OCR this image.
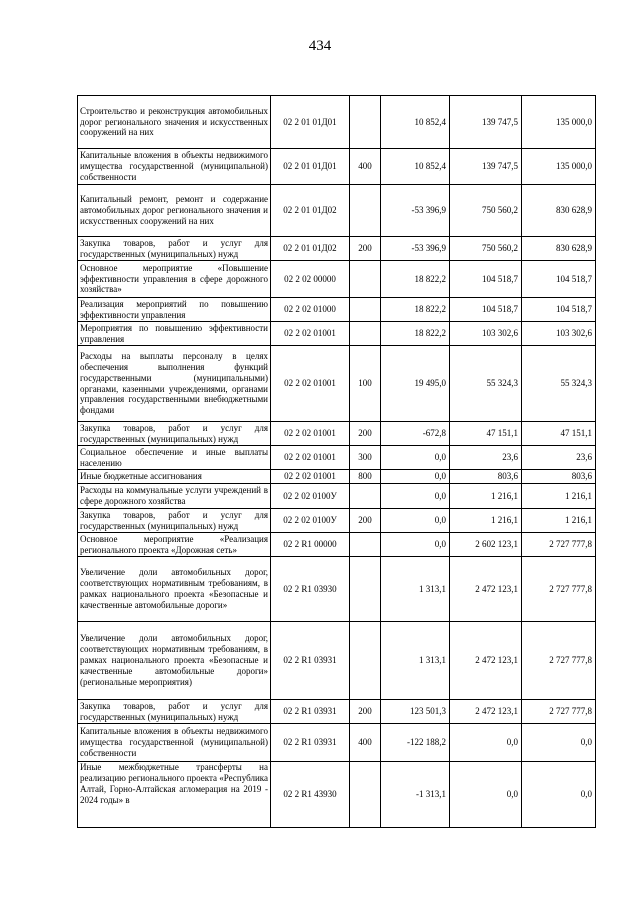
434
Строительство и реконструкция автомобильных дорог регионального значения и искусственных сооружений на них	02 2 01 01Д01		10 852,4	139 747,5	135 000,0
Капитальные вложения в объекты недвижимого имущества государственной (муниципальной) собственности	02 2 01 01Д01	400	10 852,4	139 747,5	135 000,0
Капитальный ремонт, ремонт и содержание автомобильных дорог регионального значения и искусственных сооружений на них	02 2 01 01Д02		-53 396,9	750 560,2	830 628,9
Закупка товаров, работ и услуг для государственных (муниципальных) нужд	02 2 01 01Д02	200	-53 396,9	750 560,2	830 628,9
Основное мероприятие «Повышение эффективности управления в сфере дорожного хозяйства»	02 2 02 00000		18 822,2	104 518,7	104 518,7
Реализация мероприятий по повышению эффективности управления	02 2 02 01000		18 822,2	104 518,7	104 518,7
Мероприятия по повышению эффективности управления	02 2 02 01001		18 822,2	103 302,6	103 302,6
Расходы на выплаты персоналу в целях обеспечения выполнения функций государственными (муниципальными) органами, казенными учреждениями, органами управления государственными внебюджетными фондами	02 2 02 01001	100	19 495,0	55 324,3	55 324,3
Закупка товаров, работ и услуг для государственных (муниципальных) нужд	02 2 02 01001	200	-672,8	47 151,1	47 151,1
Социальное обеспечение и иные выплаты населению	02 2 02 01001	300	0,0	23,6	23,6
Иные бюджетные ассигнования	02 2 02 01001	800	0,0	803,6	803,6
Расходы на коммунальные услуги учреждений в сфере дорожного хозяйства	02 2 02 0100У		0,0	1 216,1	1 216,1
Закупка товаров, работ и услуг для государственных (муниципальных) нужд	02 2 02 0100У	200	0,0	1 216,1	1 216,1
Основное мероприятие «Реализация регионального проекта «Дорожная сеть»	02 2 R1 00000		0,0	2 602 123,1	2 727 777,8
Увеличение доли автомобильных дорог, соответствующих нормативным требованиям, в рамках национального проекта «Безопасные и качественные автомобильные дороги»	02 2 R1 03930		1 313,1	2 472 123,1	2 727 777,8
Увеличение доли автомобильных дорог, соответствующих нормативным требованиям, в рамках национального проекта «Безопасные и качественные автомобильные дороги» (региональные мероприятия)	02 2 R1 03931		1 313,1	2 472 123,1	2 727 777,8
Закупка товаров, работ и услуг для государственных (муниципальных) нужд	02 2 R1 03931	200	123 501,3	2 472 123,1	2 727 777,8
Капитальные вложения в объекты недвижимого имущества государственной (муниципальной) собственности	02 2 R1 03931	400	-122 188,2	0,0	0,0
Иные межбюджетные трансферты на реализацию регионального проекта «Республика Алтай, Горно-Алтайская агломерация на 2019 - 2024 годы» в	02 2 R1 43930		-1 313,1	0,0	0,0
